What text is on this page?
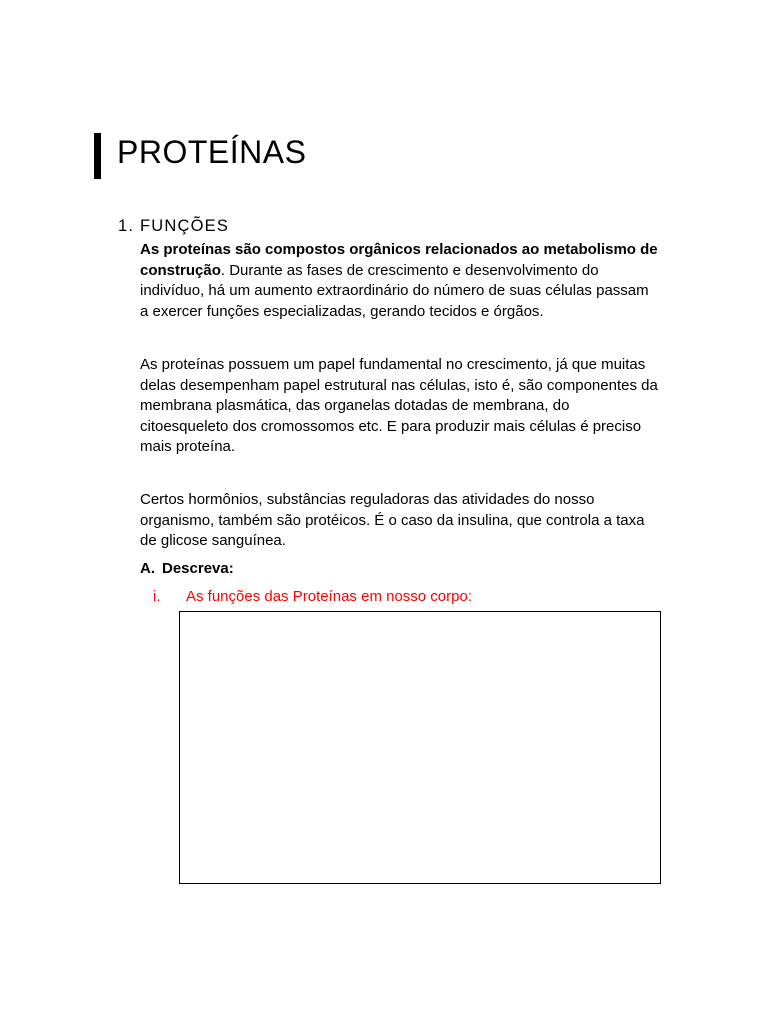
PROTEÍNAS
1. FUNÇÕES

As proteínas são compostos orgânicos relacionados ao metabolismo de construção. Durante as fases de crescimento e desenvolvimento do indivíduo, há um aumento extraordinário do número de suas células passam a exercer funções especializadas, gerando tecidos e órgãos.

As proteínas possuem um papel fundamental no crescimento, já que muitas delas desempenham papel estrutural nas células, isto é, são componentes da membrana plasmática, das organelas dotadas de membrana, do citoesqueleto dos cromossomos etc. E para produzir mais células é preciso mais proteína.

Certos hormônios, substâncias reguladoras das atividades do nosso organismo, também são protéicos. É o caso da insulina, que controla a taxa de glicose sanguínea.

A. Descreva:

i. As funções das Proteínas em nosso corpo:
